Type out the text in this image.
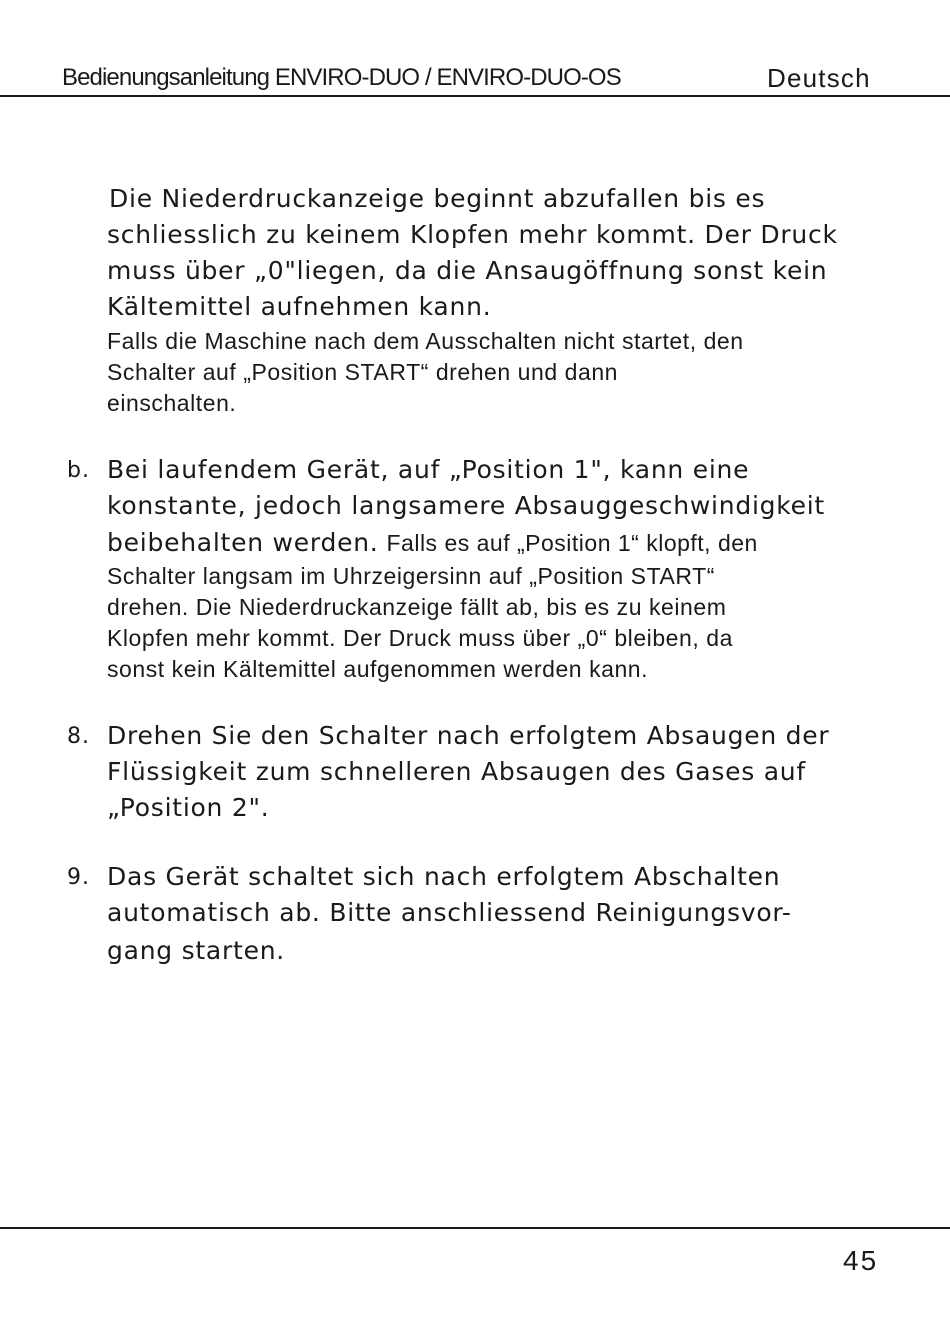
Bedienungsanleitung ENVIRO-DUO / ENVIRO-DUO-OS	Deutsch
Die Niederdruckanzeige beginnt abzufallen bis es
schliesslich zu keinem Klopfen mehr kommt. Der Druck
muss über „0"liegen, da die Ansaugöffnung sonst kein
Kältemittel aufnehmen kann.
Falls die Maschine nach dem Ausschalten nicht startet, den
Schalter auf „Position START“ drehen und dann
einschalten.
b. Bei laufendem Gerät, auf „Position 1", kann eine
konstante, jedoch langsamere Absauggeschwindigkeit
beibehalten werden. Falls es auf „Position 1“ klopft, den
Schalter langsam im Uhrzeigersinn auf „Position START“
drehen. Die Niederdruckanzeige fällt ab, bis es zu keinem
Klopfen mehr kommt. Der Druck muss über „0“ bleiben, da
sonst kein Kältemittel aufgenommen werden kann.
8. Drehen Sie den Schalter nach erfolgtem Absaugen der
Flüssigkeit zum schnelleren Absaugen des Gases auf
„Position 2".
9. Das Gerät schaltet sich nach erfolgtem Abschalten
automatisch ab. Bitte anschliessend Reinigungsvor-
gang starten.
45
